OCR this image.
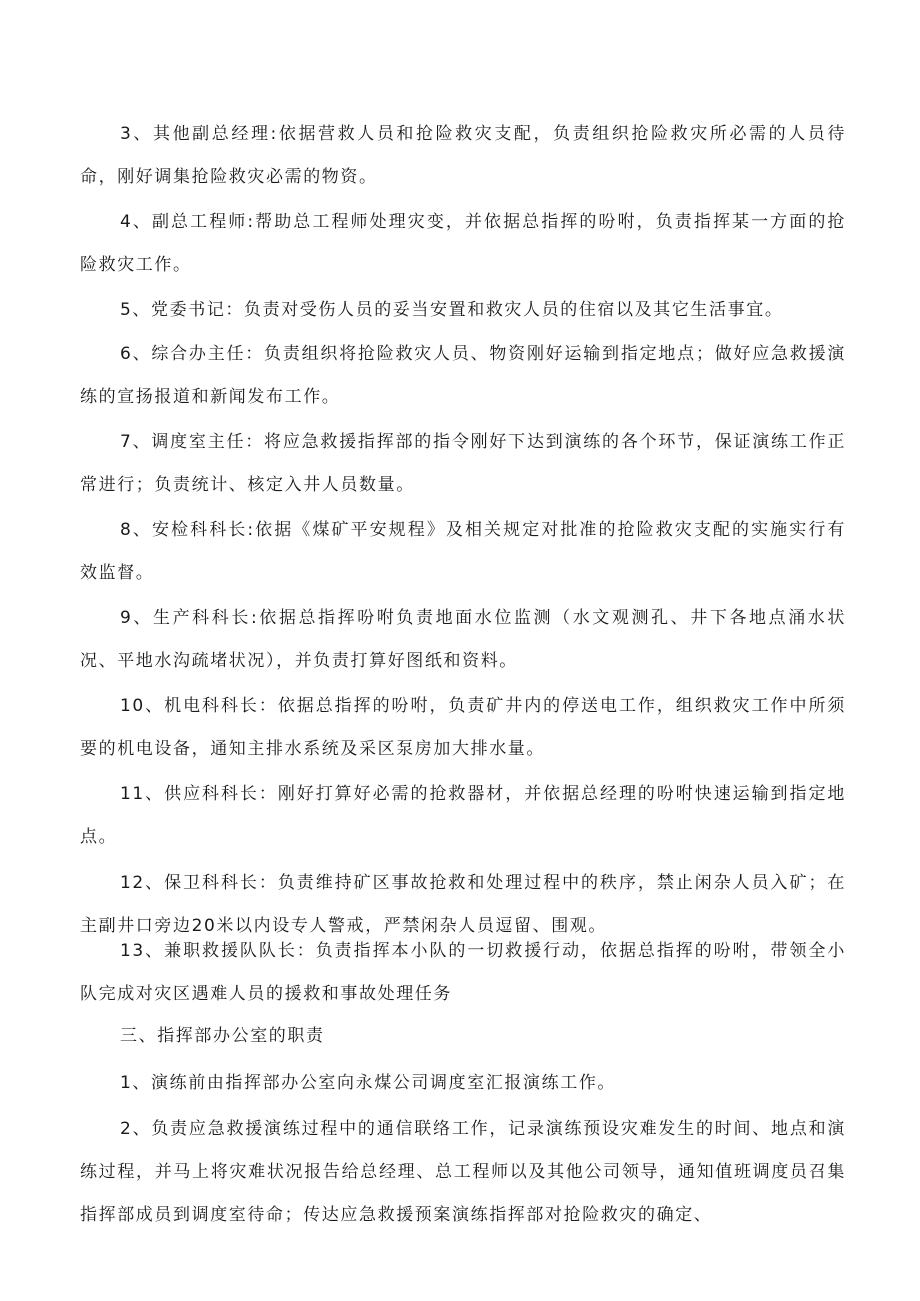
3、其他副总经理:依据营救人员和抢险救灾支配，负责组织抢险救灾所必需的人员待命，刚好调集抢险救灾必需的物资。

4、副总工程师:帮助总工程师处理灾变，并依据总指挥的吩咐，负责指挥某一方面的抢险救灾工作。

5、党委书记：负责对受伤人员的妥当安置和救灾人员的住宿以及其它生活事宜。

6、综合办主任：负责组织将抢险救灾人员、物资刚好运输到指定地点；做好应急救援演练的宣扬报道和新闻发布工作。

7、调度室主任：将应急救援指挥部的指令刚好下达到演练的各个环节，保证演练工作正常进行；负责统计、核定入井人员数量。

8、安检科科长:依据《煤矿平安规程》及相关规定对批准的抢险救灾支配的实施实行有效监督。

9、生产科科长:依据总指挥吩咐负责地面水位监测（水文观测孔、井下各地点涌水状况、平地水沟疏堵状况），并负责打算好图纸和资料。

10、机电科科长：依据总指挥的吩咐，负责矿井内的停送电工作，组织救灾工作中所须要的机电设备，通知主排水系统及采区泵房加大排水量。

11、供应科科长：刚好打算好必需的抢救器材，并依据总经理的吩咐快速运输到指定地点。

12、保卫科科长：负责维持矿区事故抢救和处理过程中的秩序，禁止闲杂人员入矿；在主副井口旁边20米以内设专人警戒，严禁闲杂人员逗留、围观。

13、兼职救援队队长：负责指挥本小队的一切救援行动，依据总指挥的吩咐，带领全小队完成对灾区遇难人员的援救和事故处理任务

三、指挥部办公室的职责

1、演练前由指挥部办公室向永煤公司调度室汇报演练工作。

2、负责应急救援演练过程中的通信联络工作，记录演练预设灾难发生的时间、地点和演练过程，并马上将灾难状况报告给总经理、总工程师以及其他公司领导，通知值班调度员召集指挥部成员到调度室待命；传达应急救援预案演练指挥部对抢险救灾的确定、
